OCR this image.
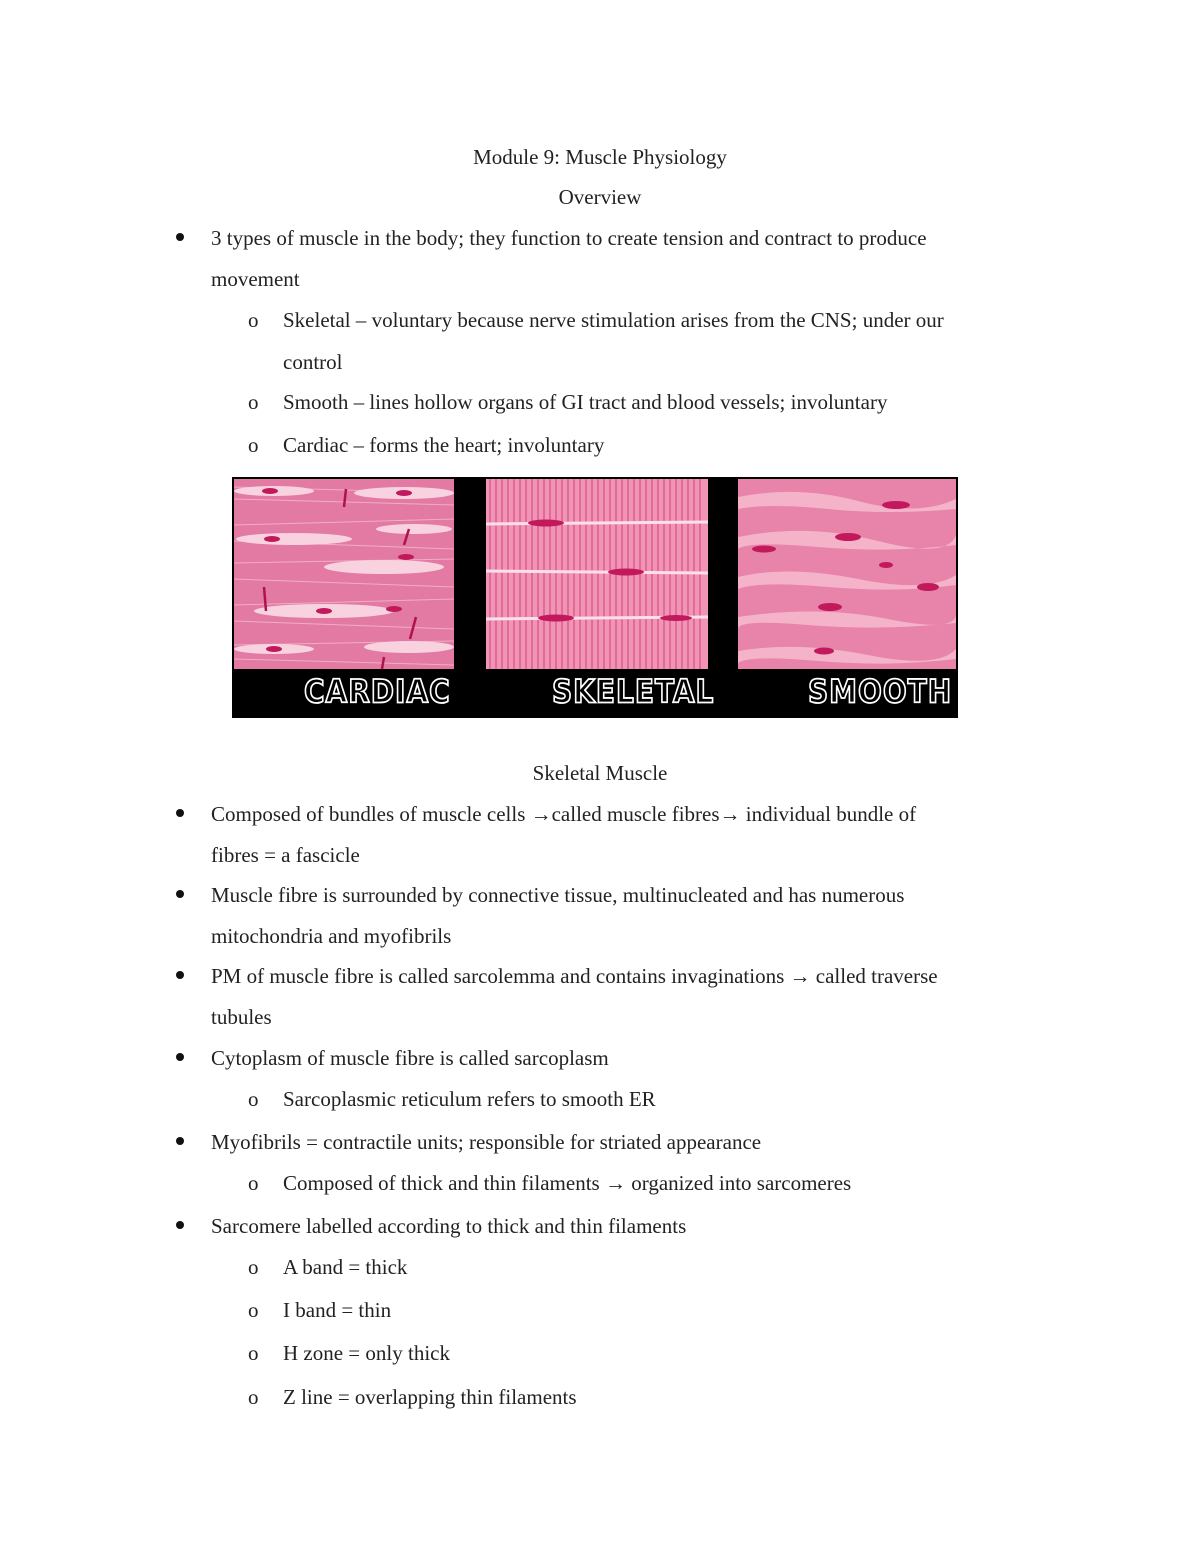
Module 9: Muscle Physiology
Overview
3 types of muscle in the body; they function to create tension and contract to produce
movement
o Skeletal – voluntary because nerve stimulation arises from the CNS; under our
control
o Smooth – lines hollow organs of GI tract and blood vessels; involuntary
o Cardiac – forms the heart; involuntary
CARDIAC	SKELETAL	SMOOTH
Skeletal Muscle
Composed of bundles of muscle cells →called muscle fibres→ individual bundle of
fibres = a fascicle
Muscle fibre is surrounded by connective tissue, multinucleated and has numerous
mitochondria and myofibrils
PM of muscle fibre is called sarcolemma and contains invaginations → called traverse
tubules
Cytoplasm of muscle fibre is called sarcoplasm
o Sarcoplasmic reticulum refers to smooth ER
Myofibrils = contractile units; responsible for striated appearance
o Composed of thick and thin filaments → organized into sarcomeres
Sarcomere labelled according to thick and thin filaments
o A band = thick
o I band = thin
o H zone = only thick
o Z line = overlapping thin filaments
